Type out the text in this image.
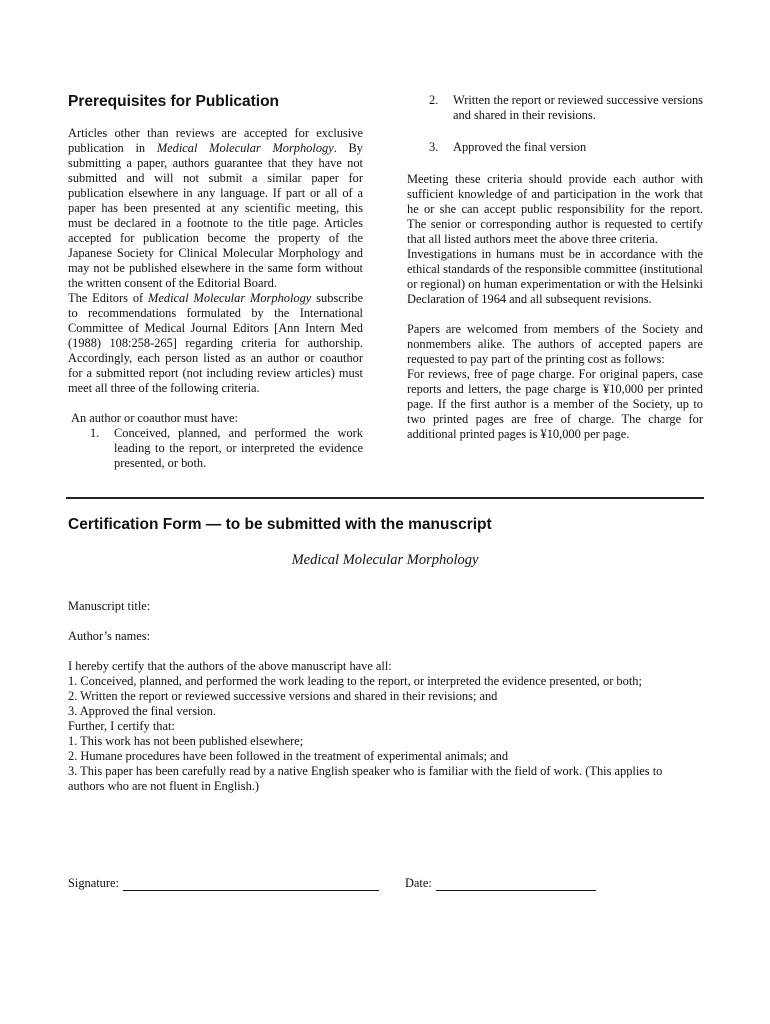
Prerequisites for Publication

Articles other than reviews are accepted for exclusive publication in Medical Molecular Morphology. By submitting a paper, authors guarantee that they have not submitted and will not submit a similar paper for publication elsewhere in any language. If part or all of a paper has been presented at any scientific meeting, this must be declared in a footnote to the title page. Articles accepted for publication become the property of the Japanese Society for Clinical Molecular Morphology and may not be published elsewhere in the same form without the written consent of the Editorial Board.

The Editors of Medical Molecular Morphology subscribe to recommendations formulated by the International Committee of Medical Journal Editors [Ann Intern Med (1988) 108:258-265] regarding criteria for authorship. Accordingly, each person listed as an author or coauthor for a submitted report (not including review articles) must meet all three of the following criteria.

An author or coauthor must have:

1.	Conceived, planned, and performed the work leading to the report, or interpreted the evidence presented, or both.
2.	Written the report or reviewed successive versions and shared in their revisions.
3.	Approved the final version

Meeting these criteria should provide each author with sufficient knowledge of and participation in the work that he or she can accept public responsibility for the report. The senior or corresponding author is requested to certify that all listed authors meet the above three criteria.

Investigations in humans must be in accordance with the ethical standards of the responsible committee (institutional or regional) on human experimentation or with the Helsinki Declaration of 1964 and all subsequent revisions.

Papers are welcomed from members of the Society and nonmembers alike. The authors of accepted papers are requested to pay part of the printing cost as follows:

For reviews, free of page charge. For original papers, case reports and letters, the page charge is ¥10,000 per printed page. If the first author is a member of the Society, up to two printed pages are free of charge. The charge for additional printed pages is ¥10,000 per page.

Certification Form — to be submitted with the manuscript
Medical Molecular Morphology

Manuscript title:

Author’s names:

I hereby certify that the authors of the above manuscript have all:
1. Conceived, planned, and performed the work leading to the report, or interpreted the evidence presented, or both;
2. Written the report or reviewed successive versions and shared in their revisions; and
3. Approved the final version.
Further, I certify that:
1. This work has not been published elsewhere;
2. Humane procedures have been followed in the treatment of experimental animals; and
3. This paper has been carefully read by a native English speaker who is familiar with the field of work. (This applies to authors who are not fluent in English.)
Signature:	Date:
